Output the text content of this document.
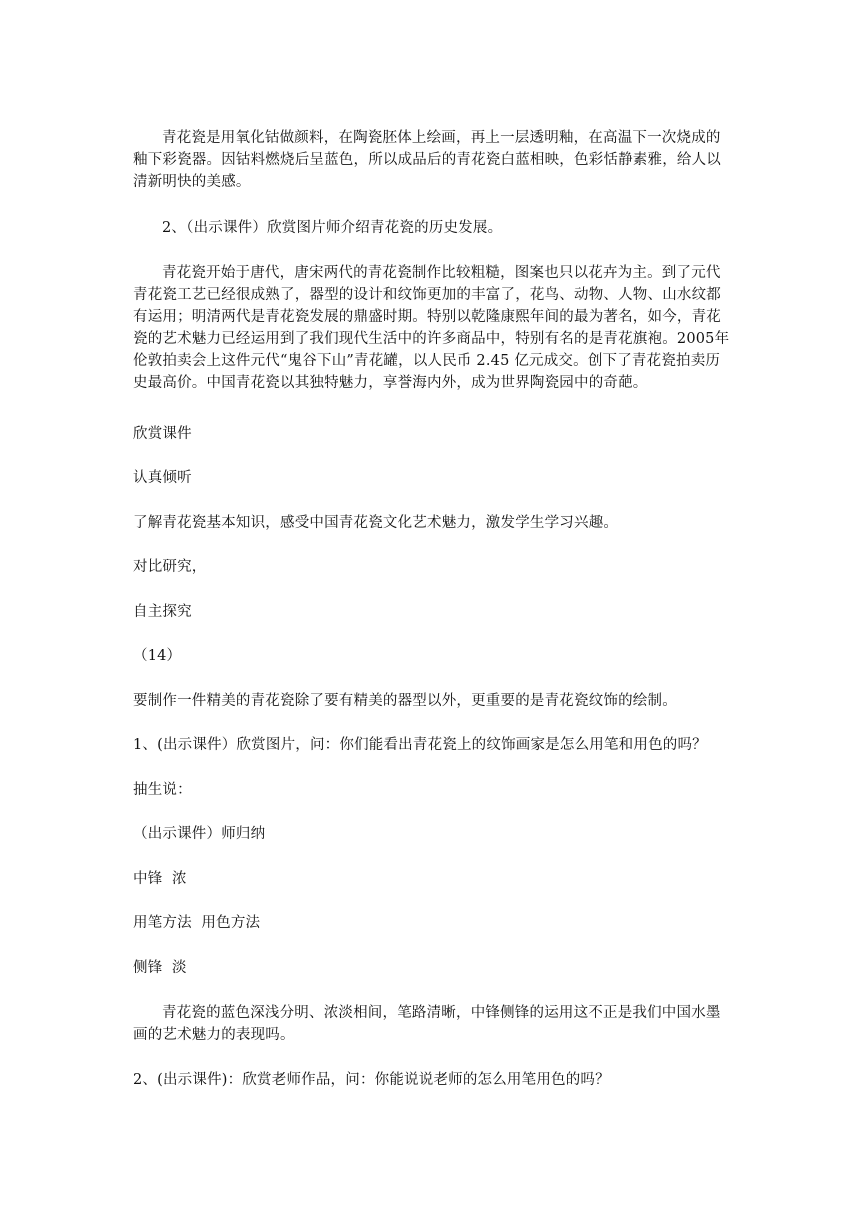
青花瓷是用氧化钴做颜料，在陶瓷胚体上绘画，再上一层透明釉，在高温下一次烧成的釉下彩瓷器。因钴料燃烧后呈蓝色，所以成品后的青花瓷白蓝相映，色彩恬静素雅，给人以清新明快的美感。

2、（出示课件）欣赏图片师介绍青花瓷的历史发展。

青花瓷开始于唐代，唐宋两代的青花瓷制作比较粗糙，图案也只以花卉为主。到了元代青花瓷工艺已经很成熟了，器型的设计和纹饰更加的丰富了，花鸟、动物、人物、山水纹都有运用；明清两代是青花瓷发展的鼎盛时期。特别以乾隆康熙年间的最为著名，如今，青花瓷的艺术魅力已经运用到了我们现代生活中的许多商品中，特别有名的是青花旗袍。2005年伦敦拍卖会上这件元代“鬼谷下山”青花罐，以人民币 2.45 亿元成交。创下了青花瓷拍卖历史最高价。中国青花瓷以其独特魅力，享誉海内外，成为世界陶瓷园中的奇葩。

欣赏课件

认真倾听

了解青花瓷基本知识，感受中国青花瓷文化艺术魅力，激发学生学习兴趣。

对比研究，

自主探究

（14）

要制作一件精美的青花瓷除了要有精美的器型以外，更重要的是青花瓷纹饰的绘制。

1、(出示课件）欣赏图片，问：你们能看出青花瓷上的纹饰画家是怎么用笔和用色的吗？

抽生说：

（出示课件）师归纳

中锋  浓

用笔方法  用色方法

侧锋  淡

青花瓷的蓝色深浅分明、浓淡相间，笔路清晰，中锋侧锋的运用这不正是我们中国水墨画的艺术魅力的表现吗。

2、(出示课件)：欣赏老师作品，问：你能说说老师的怎么用笔用色的吗？
